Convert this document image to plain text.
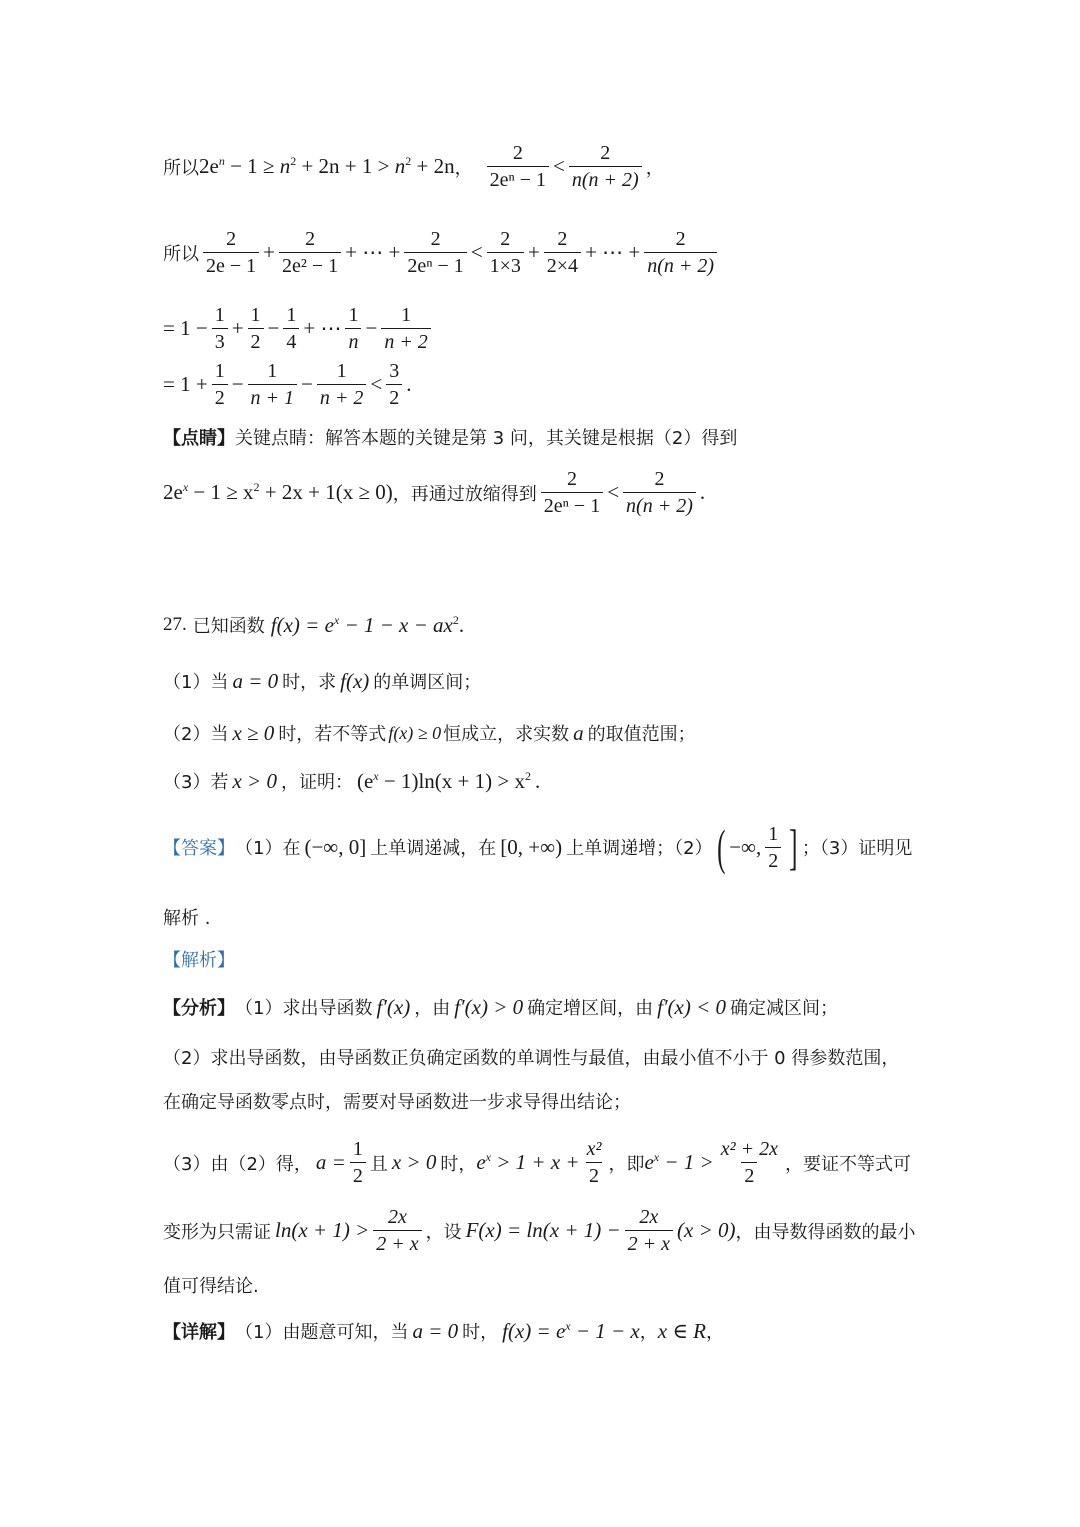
所以 $2e^n - 1 \ge n^2 + 2n + 1 > n^2 + 2n$ ， $\frac{2}{\text{2eⁿ − 1}} < \frac{2}{n(n + 2)}$ ，
所以 $\frac{2}{2e - 1} + \frac{2}{\text{2e² − 1}}$ + ⋯ + $\frac{2}{\text{2eⁿ − 1}} < \frac{2}{1\times 3} + \frac{2}{2\times 4}$ + ⋯ + $\frac{2}{n(n + 2)}$
= $1 - \frac{1}{3} + \frac{1}{2} - \frac{1}{4}$ + ⋯ $\frac{1}{n} - \frac{1}{n + 2}$
= $1 + \frac{1}{2} - \frac{1}{n + 1} - \frac{1}{n + 2} < \frac{3}{2}$ .
【点睛】 关键点睛：解答本题的关键是第 3 问，其关键是根据（2）得到
$2e^x - 1 \ge x^2 + 2x + 1(x \ge 0)$ ，再通过放缩得到 $\frac{2}{\text{2eⁿ − 1}} < \frac{2}{n(n + 2)}$ .
27. 已知函数 $f(x) = e^x - 1 - x - ax^2$ .
（1）当 a = 0 时，求 f(x) 的单调区间；
（2）当 x ≥ 0 时，若不等式 f(x) ≥ 0 恒成立，求实数 a 的取值范围；
（3）若 x > 0 ，证明： $(e^x - 1)\ln(x + 1) > x^2$ .
【答案】 （1）在 (−∞, 0] 上单调递减，在 [0, +∞) 上单调递增；（2） ( −∞, $\frac{1}{2}$ ] ；（3）证明见
解析 .
【解析】
【分析】 （1）求出导函数 f′(x) ，由 f′(x) > 0 确定增区间，由 f′(x) < 0 确定减区间；
（2）求出导函数，由导函数正负确定函数的单调性与最值，由最小值不小于 0 得参数范围，
在确定导函数零点时，需要对导函数进一步求导得出结论；
（3）由（2）得， $a = \frac{1}{2}$ 且 x > 0 时， $e^x > 1 + x + \frac{\text{x²}}{2}$ ，即 $e^x - 1 > \frac{\text{x² + 2x}}{2}$ ，要证不等式可
变形为只需证 $\ln(x + 1) > \frac{2x}{2 + x}$ ，设 $F(x) = \ln(x + 1) - \frac{2x}{2 + x} (x > 0)$ ，由导数得函数的最小
值可得结论.
【详解】 （1）由题意可知，当 a = 0 时， $f(x) = e^x - 1 - x$ ， x ∈ R ，
